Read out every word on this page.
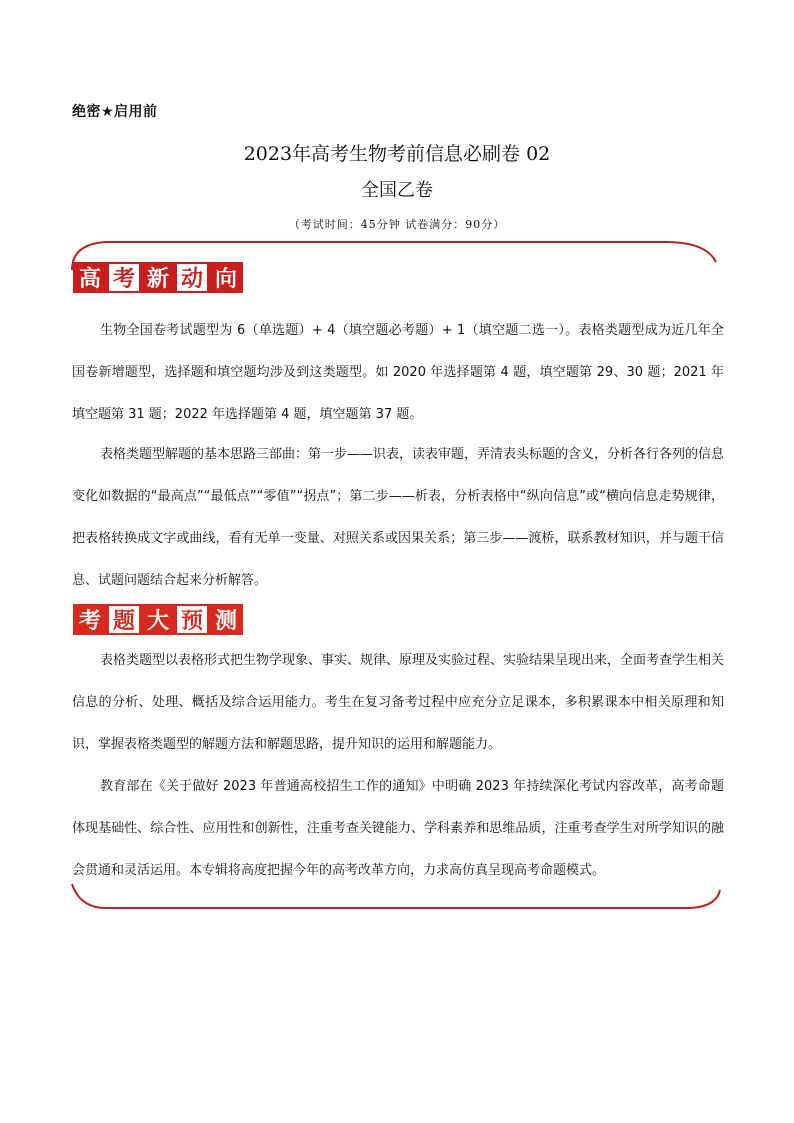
绝密★启用前
2023年高考生物考前信息必刷卷 02
全国乙卷
（考试时间：45分钟 试卷满分：90分）
高 考 新 动 向

生物全国卷考试题型为 6（单选题）+ 4（填空题必考题）+ 1（填空题二选一）。表格类题型成为近几年全国卷新增题型，选择题和填空题均涉及到这类题型。如 2020 年选择题第 4 题，填空题第 29、30 题；2021 年填空题第 31 题；2022 年选择题第 4 题，填空题第 37 题。

表格类题型解题的基本思路三部曲：第一步——识表，读表审题，弄清表头标题的含义，分析各行各列的信息变化如数据的“最高点”“最低点”“零值”“拐点”；第二步——析表，分析表格中“纵向信息”或“横向信息走势规律，把表格转换成文字或曲线，看有无单一变量、对照关系或因果关系；第三步——渡桥，联系教材知识，并与题干信息、试题问题结合起来分析解答。

考 题 大 预 测

表格类题型以表格形式把生物学现象、事实、规律、原理及实验过程、实验结果呈现出来，全面考查学生相关信息的分析、处理、概括及综合运用能力。考生在复习备考过程中应充分立足课本，多积累课本中相关原理和知识，掌握表格类题型的解题方法和解题思路，提升知识的运用和解题能力。

教育部在《关于做好 2023 年普通高校招生工作的通知》中明确 2023 年持续深化考试内容改革，高考命题体现基础性、综合性、应用性和创新性，注重考查关键能力、学科素养和思维品质，注重考查学生对所学知识的融会贯通和灵活运用。本专辑将高度把握今年的高考改革方向，力求高仿真呈现高考命题模式。
